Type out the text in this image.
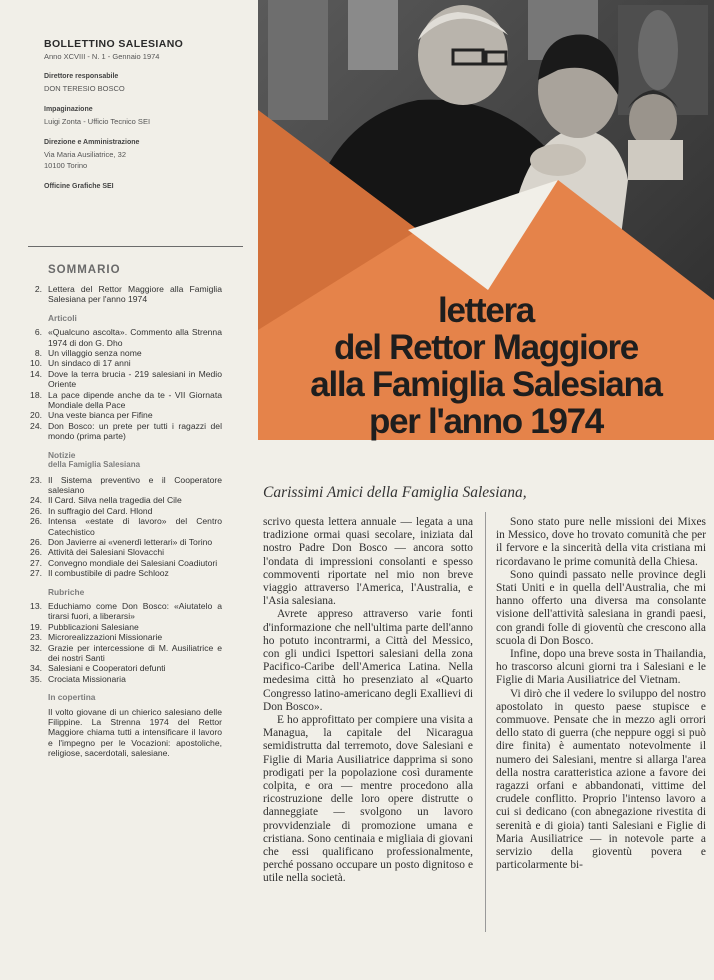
BOLLETTINO SALESIANO
Anno XCVIII - N. 1 - Gennaio 1974
Direttore responsabile
DON TERESIO BOSCO
Impaginazione
Luigi Zonta - Ufficio Tecnico SEI
Direzione e Amministrazione
Via Maria Ausiliatrice, 32
10100 Torino
Officine Grafiche SEI
SOMMARIO
2. Lettera del Rettor Maggiore alla Famiglia Salesiana per l'anno 1974
Articoli
6. «Qualcuno ascolta». Commento alla Strenna 1974 di don G. Dho
8. Un villaggio senza nome
10. Un sindaco di 17 anni
14. Dove la terra brucia - 219 salesiani in Medio Oriente
18. La pace dipende anche da te - VII Giornata Mondiale della Pace
20. Una veste bianca per Fifine
24. Don Bosco: un prete per tutti i ragazzi del mondo (prima parte)
Notizie
della Famiglia Salesiana
23. Il Sistema preventivo e il Cooperatore salesiano
24. Il Card. Silva nella tragedia del Cile
26. In suffragio del Card. Hlond
26. Intensa «estate di lavoro» del Centro Catechistico
26. Don Javierre ai «venerdì letterari» di Torino
26. Attività dei Salesiani Slovacchi
27. Convegno mondiale dei Salesiani Coadiutori
27. Il combustibile di padre Schlooz
Rubriche
13. Educhiamo come Don Bosco: «Aiutatelo a tirarsi fuori, a liberarsi»
19. Pubblicazioni Salesiane
23. Microrealizzazioni Missionarie
32. Grazie per intercessione di M. Ausiliatrice e dei nostri Santi
34. Salesiani e Cooperatori defunti
35. Crociata Missionaria
In copertina
Il volto giovane di un chierico salesiano delle Filippine. La Strenna 1974 del Rettor Maggiore chiama tutti a intensificare il lavoro e l'impegno per le Vocazioni: apostoliche, religiose, sacerdotali, salesiane.
lettera
del Rettor Maggiore
alla Famiglia Salesiana
per l'anno 1974
Carissimi Amici della Famiglia Salesiana,

scrivo questa lettera annuale — legata a una tradizione ormai quasi secolare, iniziata dal nostro Padre Don Bosco — ancora sotto l'ondata di impressioni consolanti e spesso commoventi riportate nel mio non breve viaggio attraverso l'America, l'Australia, e l'Asia salesiana.

Avrete appreso attraverso varie fonti d'informazione che nell'ultima parte dell'anno ho potuto incontrarmi, a Città del Messico, con gli undici Ispettori salesiani della zona Pacifico-Caribe dell'America Latina. Nella medesima città ho presenziato al «Quarto Congresso latino-americano degli Exallievi di Don Bosco».

E ho approfittato per compiere una visita a Managua, la capitale del Nicaragua semidistrutta dal terremoto, dove Salesiani e Figlie di Maria Ausiliatrice dapprima si sono prodigati per la popolazione così duramente colpita, e ora — mentre procedono alla ricostruzione delle loro opere distrutte o danneggiate — svolgono un lavoro provvidenziale di promozione umana e cristiana. Sono centinaia e migliaia di giovani che essi qualificano professionalmente, perché possano occupare un posto dignitoso e utile nella società.

Sono stato pure nelle missioni dei Mixes in Messico, dove ho trovato comunità che per il fervore e la sincerità della vita cristiana mi ricordavano le prime comunità della Chiesa.

Sono quindi passato nelle province degli Stati Uniti e in quella dell'Australia, che mi hanno offerto una diversa ma consolante visione dell'attività salesiana in grandi paesi, con grandi folle di gioventù che crescono alla scuola di Don Bosco.

Infine, dopo una breve sosta in Thailandia, ho trascorso alcuni giorni tra i Salesiani e le Figlie di Maria Ausiliatrice del Vietnam.

Vi dirò che il vedere lo sviluppo del nostro apostolato in questo paese stupisce e commuove. Pensate che in mezzo agli orrori dello stato di guerra (che neppure oggi si può dire finita) è aumentato notevolmente il numero dei Salesiani, mentre si allarga l'area della nostra caratteristica azione a favore dei ragazzi orfani e abbandonati, vittime del crudele conflitto. Proprio l'intenso lavoro a cui si dedicano (con abnegazione rivestita di serenità e di gioia) tanti Salesiani e Figlie di Maria Ausiliatrice — in notevole parte a servizio della gioventù povera e particolarmente bi-
